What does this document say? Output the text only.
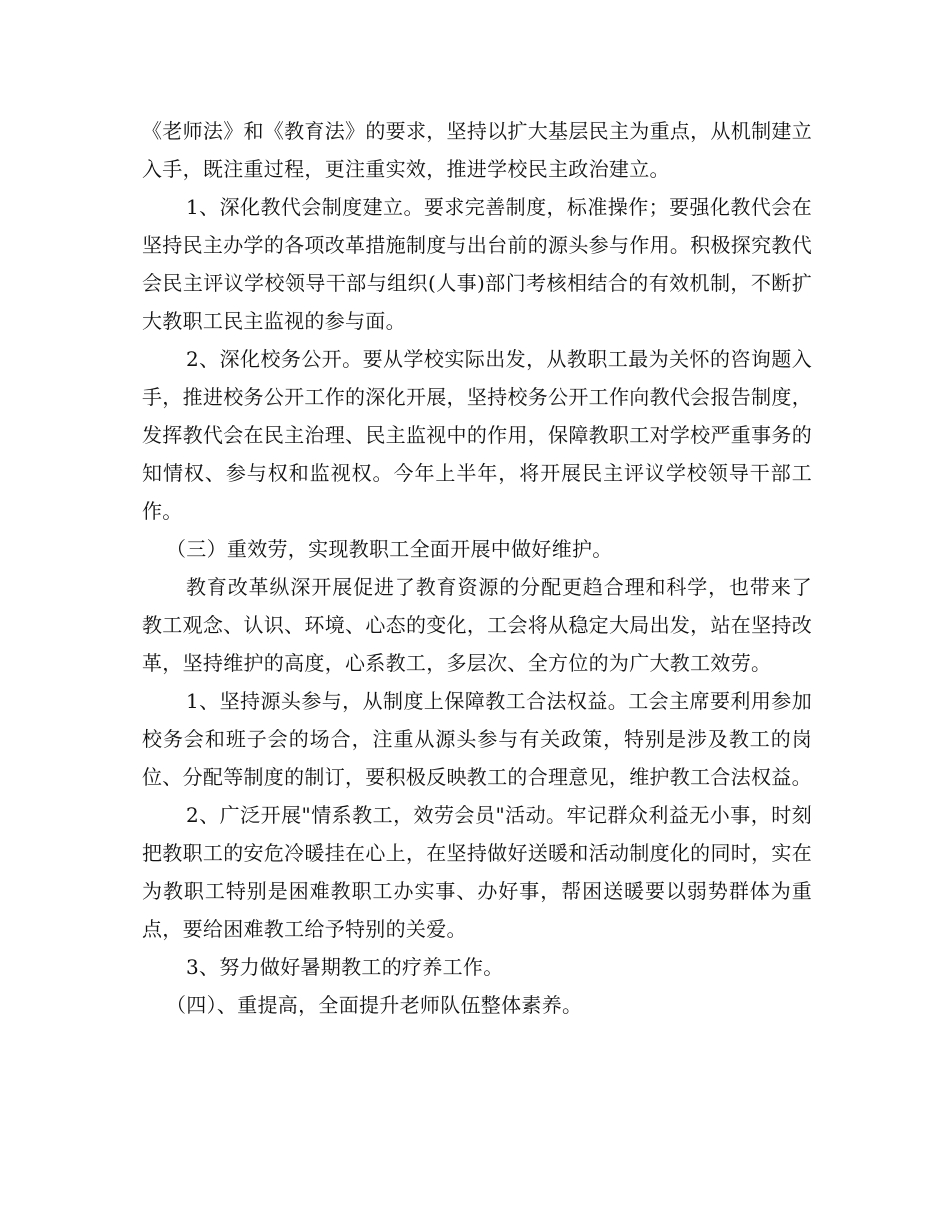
《老师法》和《教育法》的要求，坚持以扩大基层民主为重点，从机制建立入手，既注重过程，更注重实效，推进学校民主政治建立。

1、深化教代会制度建立。要求完善制度，标准操作；要强化教代会在坚持民主办学的各项改革措施制度与出台前的源头参与作用。积极探究教代会民主评议学校领导干部与组织(人事)部门考核相结合的有效机制，不断扩大教职工民主监视的参与面。

2、深化校务公开。要从学校实际出发，从教职工最为关怀的咨询题入手，推进校务公开工作的深化开展，坚持校务公开工作向教代会报告制度，发挥教代会在民主治理、民主监视中的作用，保障教职工对学校严重事务的知情权、参与权和监视权。今年上半年，将开展民主评议学校领导干部工作。

（三）重效劳，实现教职工全面开展中做好维护。

教育改革纵深开展促进了教育资源的分配更趋合理和科学，也带来了教工观念、认识、环境、心态的变化，工会将从稳定大局出发，站在坚持改革，坚持维护的高度，心系教工，多层次、全方位的为广大教工效劳。

1、坚持源头参与，从制度上保障教工合法权益。工会主席要利用参加校务会和班子会的场合，注重从源头参与有关政策，特别是涉及教工的岗位、分配等制度的制订，要积极反映教工的合理意见，维护教工合法权益。

2、广泛开展"情系教工，效劳会员"活动。牢记群众利益无小事，时刻把教职工的安危冷暖挂在心上，在坚持做好送暖和活动制度化的同时，实在为教职工特别是困难教职工办实事、办好事，帮困送暖要以弱势群体为重点，要给困难教工给予特别的关爱。

3、努力做好暑期教工的疗养工作。

（四）、重提高，全面提升老师队伍整体素养。
